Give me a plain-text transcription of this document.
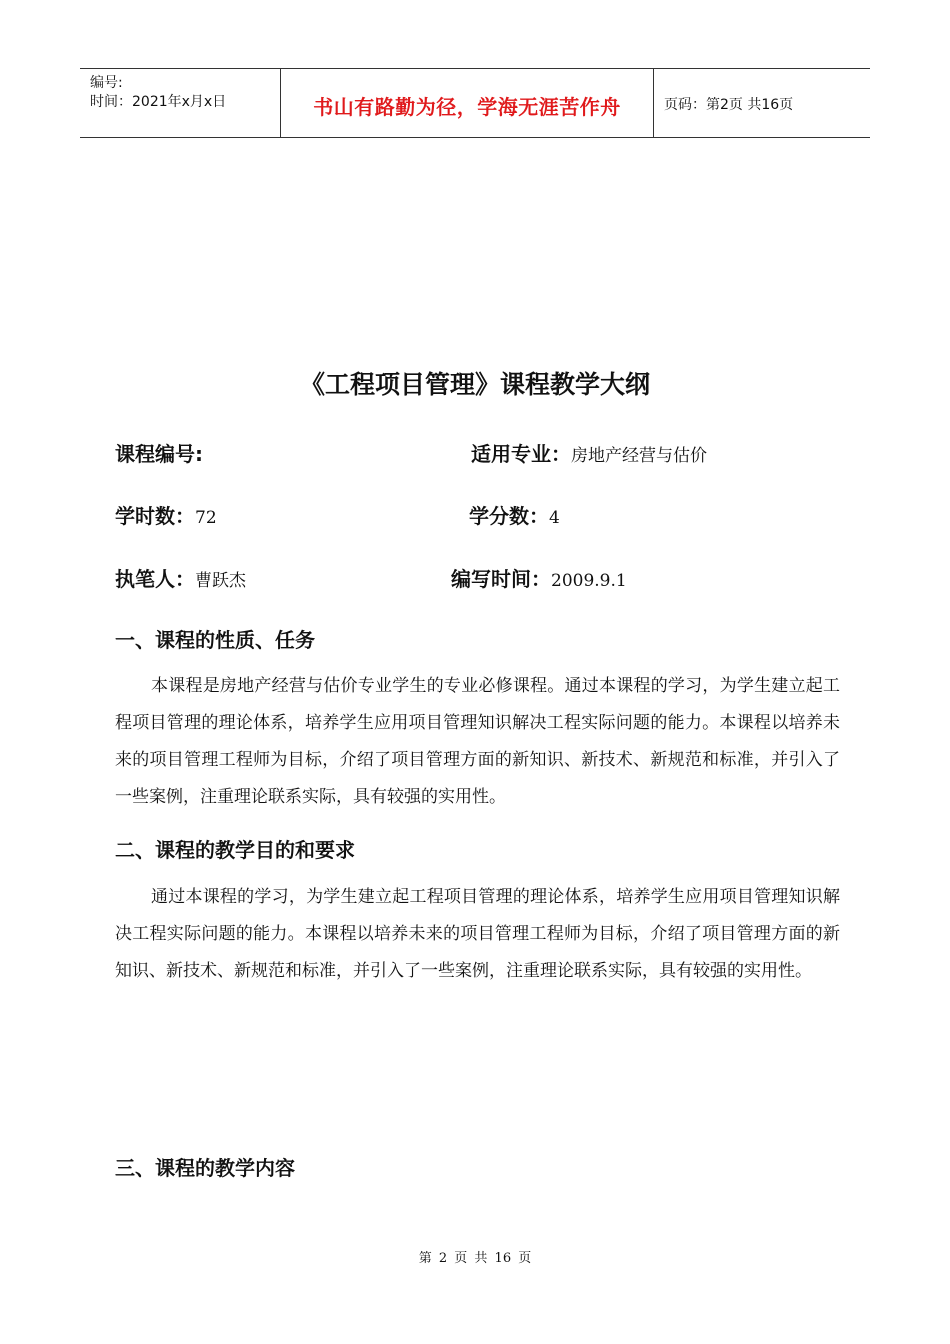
编号:
时间：2021年x月x日	书山有路勤为径，学海无涯苦作舟	页码：第2页 共16页
《工程项目管理》课程教学大纲
课程编号:	适用专业：房地产经营与估价
学时数：72	学分数：4
执笔人：曹跃杰	编写时间：2009.9.1
一、课程的性质、任务
本课程是房地产经营与估价专业学生的专业必修课程。通过本课程的学习，为学生建立起工程项目管理的理论体系，培养学生应用项目管理知识解决工程实际问题的能力。本课程以培养未来的项目管理工程师为目标，介绍了项目管理方面的新知识、新技术、新规范和标准，并引入了一些案例，注重理论联系实际，具有较强的实用性。
二、课程的教学目的和要求
通过本课程的学习，为学生建立起工程项目管理的理论体系，培养学生应用项目管理知识解决工程实际问题的能力。本课程以培养未来的项目管理工程师为目标，介绍了项目管理方面的新知识、新技术、新规范和标准，并引入了一些案例，注重理论联系实际，具有较强的实用性。
三、课程的教学内容
第 2 页 共 16 页
